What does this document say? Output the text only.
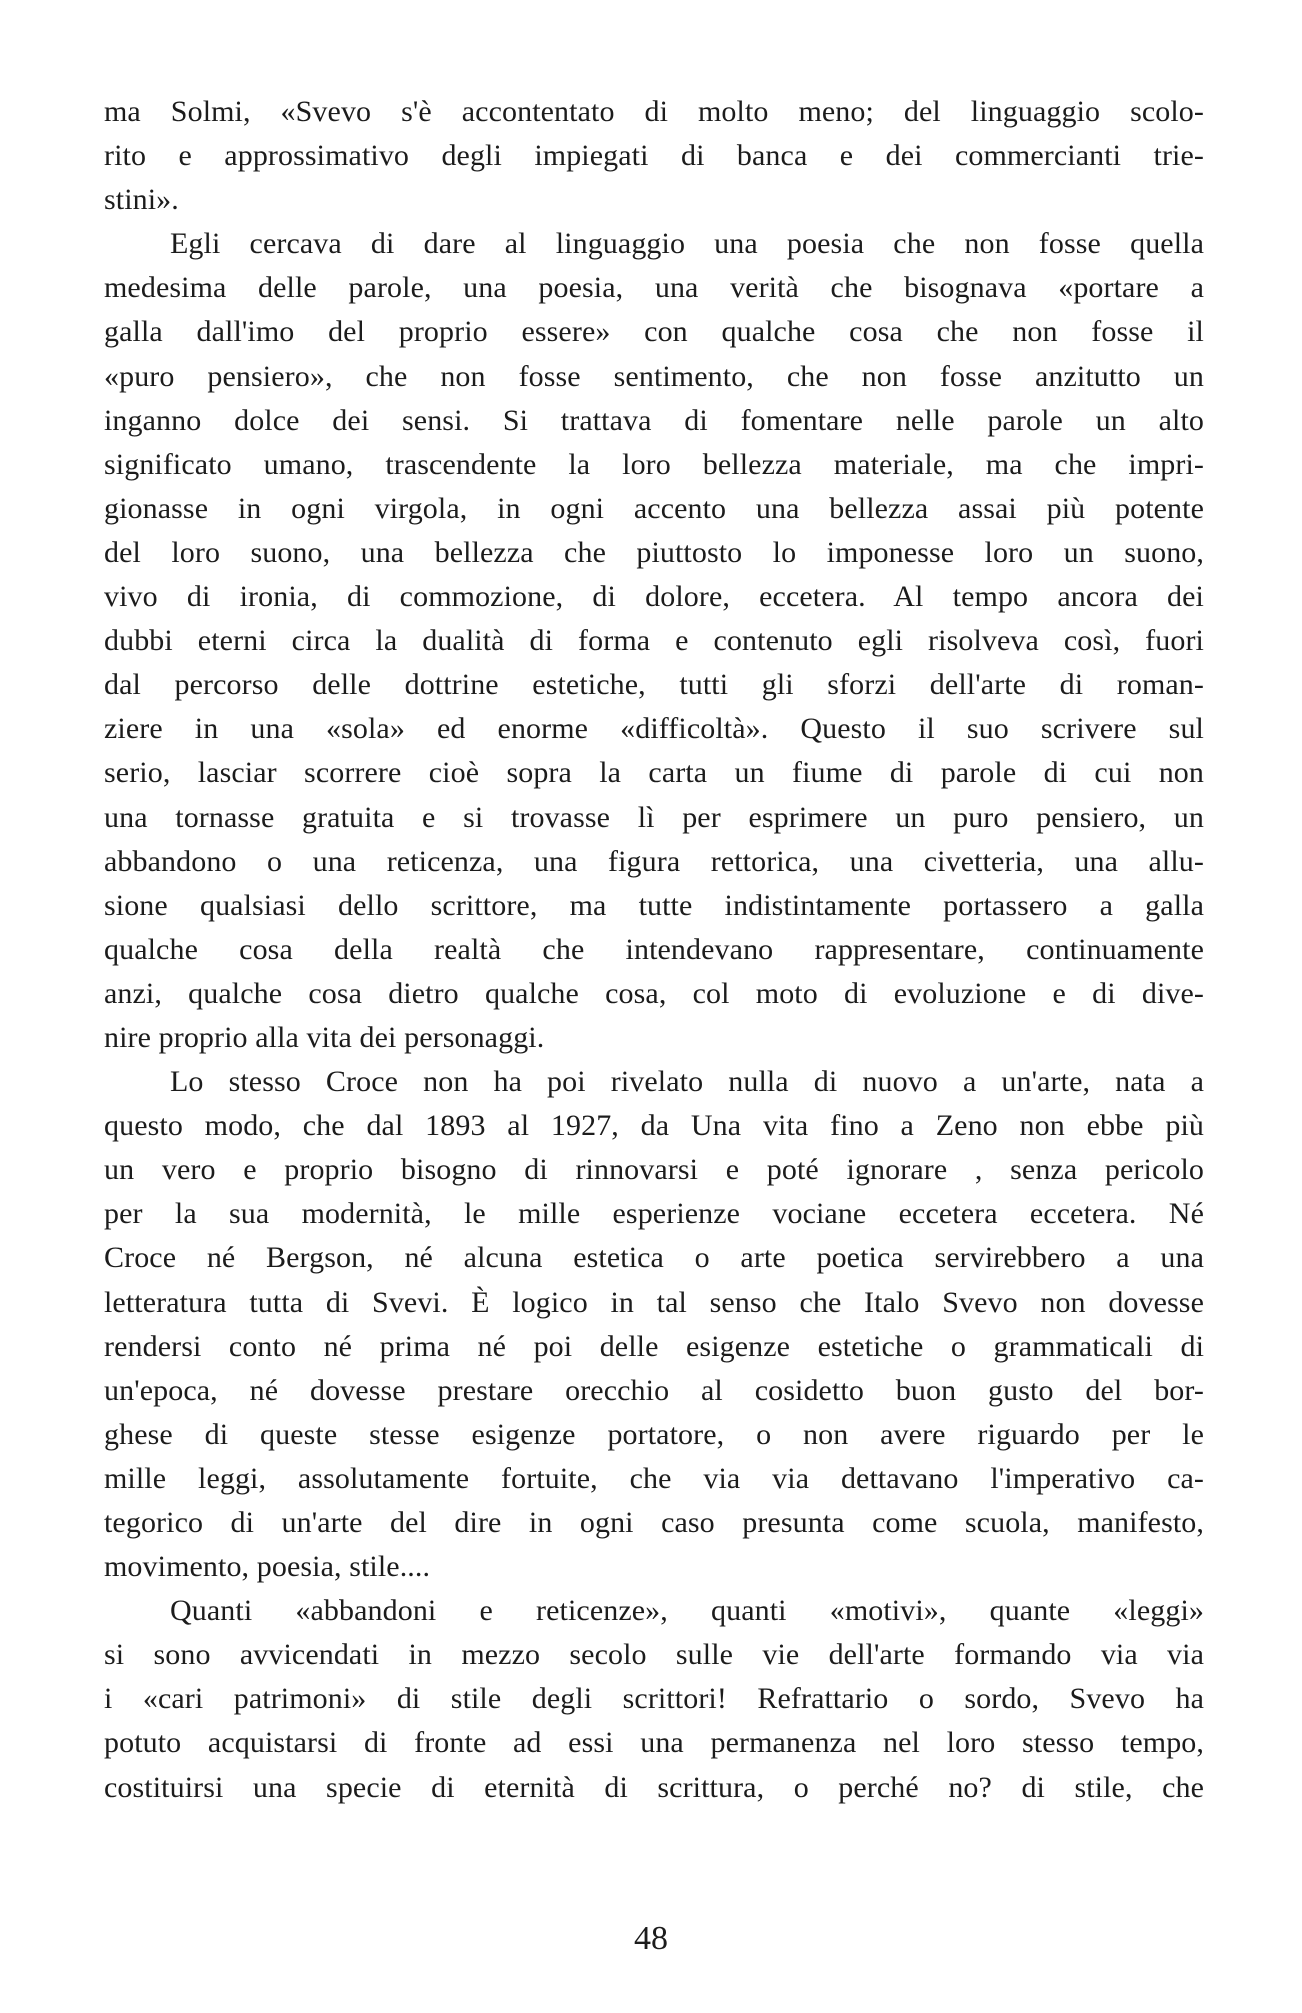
ma Solmi, «Svevo s'è accontentato di molto meno; del linguaggio scolo-
rito e approssimativo degli impiegati di banca e dei commercianti trie-
stini».
Egli cercava di dare al linguaggio una poesia che non fosse quella
medesima delle parole, una poesia, una verità che bisognava «portare a
galla dall'imo del proprio essere» con qualche cosa che non fosse il
«puro pensiero», che non fosse sentimento, che non fosse anzitutto un
inganno dolce dei sensi. Si trattava di fomentare nelle parole un alto
significato umano, trascendente la loro bellezza materiale, ma che impri-
gionasse in ogni virgola, in ogni accento una bellezza assai più potente
del loro suono, una bellezza che piuttosto lo imponesse loro un suono,
vivo di ironia, di commozione, di dolore, eccetera. Al tempo ancora dei
dubbi eterni circa la dualità di forma e contenuto egli risolveva così, fuori
dal percorso delle dottrine estetiche, tutti gli sforzi dell'arte di roman-
ziere in una «sola» ed enorme «difficoltà». Questo il suo scrivere sul
serio, lasciar scorrere cioè sopra la carta un fiume di parole di cui non
una tornasse gratuita e si trovasse lì per esprimere un puro pensiero, un
abbandono o una reticenza, una figura rettorica, una civetteria, una allu-
sione qualsiasi dello scrittore, ma tutte indistintamente portassero a galla
qualche cosa della realtà che intendevano rappresentare, continuamente
anzi, qualche cosa dietro qualche cosa, col moto di evoluzione e di dive-
nire proprio alla vita dei personaggi.
Lo stesso Croce non ha poi rivelato nulla di nuovo a un'arte, nata a
questo modo, che dal 1893 al 1927, da Una vita fino a Zeno non ebbe più
un vero e proprio bisogno di rinnovarsi e poté ignorare , senza pericolo
per la sua modernità, le mille esperienze vociane eccetera eccetera. Né
Croce né Bergson, né alcuna estetica o arte poetica servirebbero a una
letteratura tutta di Svevi. È logico in tal senso che Italo Svevo non dovesse
rendersi conto né prima né poi delle esigenze estetiche o grammaticali di
un'epoca, né dovesse prestare orecchio al cosidetto buon gusto del bor-
ghese di queste stesse esigenze portatore, o non avere riguardo per le
mille leggi, assolutamente fortuite, che via via dettavano l'imperativo ca-
tegorico di un'arte del dire in ogni caso presunta come scuola, manifesto,
movimento, poesia, stile....
Quanti «abbandoni e reticenze», quanti «motivi», quante «leggi»
si sono avvicendati in mezzo secolo sulle vie dell'arte formando via via
i «cari patrimoni» di stile degli scrittori! Refrattario o sordo, Svevo ha
potuto acquistarsi di fronte ad essi una permanenza nel loro stesso tempo,
costituirsi una specie di eternità di scrittura, o perché no? di stile, che
48
